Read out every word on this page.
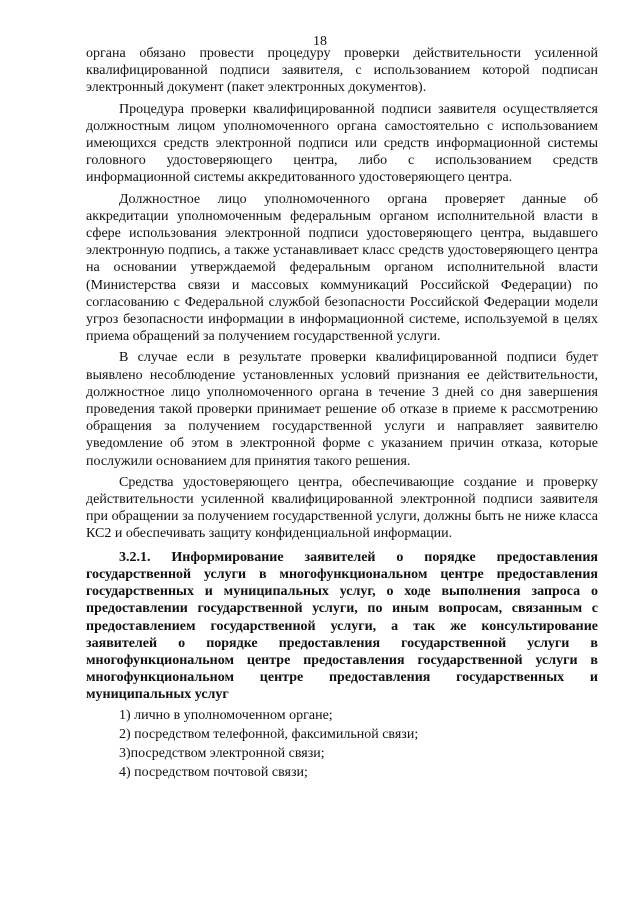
18

органа обязано провести процедуру проверки действительности усиленной квалифицированной подписи заявителя, с использованием которой подписан электронный документ (пакет электронных документов).

Процедура проверки квалифицированной подписи заявителя осуществляется должностным лицом уполномоченного органа самостоятельно с использованием имеющихся средств электронной подписи или средств информационной системы головного удостоверяющего центра, либо с использованием средств информационной системы аккредитованного удостоверяющего центра.

Должностное лицо уполномоченного органа проверяет данные об аккредитации уполномоченным федеральным органом исполнительной власти в сфере использования электронной подписи удостоверяющего центра, выдавшего электронную подпись, а также устанавливает класс средств удостоверяющего центра на основании утверждаемой федеральным органом исполнительной власти (Министерства связи и массовых коммуникаций Российской Федерации) по согласованию с Федеральной службой безопасности Российской Федерации модели угроз безопасности информации в информационной системе, используемой в целях приема обращений за получением государственной услуги.

В случае если в результате проверки квалифицированной подписи будет выявлено несоблюдение установленных условий признания ее действительности, должностное лицо уполномоченного органа в течение 3 дней со дня завершения проведения такой проверки принимает решение об отказе в приеме к рассмотрению обращения за получением государственной услуги и направляет заявителю уведомление об этом в электронной форме с указанием причин отказа, которые послужили основанием для принятия такого решения.

Средства удостоверяющего центра, обеспечивающие создание и проверку действительности усиленной квалифицированной электронной подписи заявителя при обращении за получением государственной услуги, должны быть не ниже класса КС2 и обеспечивать защиту конфиденциальной информации.

3.2.1. Информирование заявителей о порядке предоставления государственной услуги в многофункциональном центре предоставления государственных и муниципальных услуг, о ходе выполнения запроса о предоставлении государственной услуги, по иным вопросам, связанным с предоставлением государственной услуги, а так же консультирование заявителей о порядке предоставления государственной услуги в многофункциональном центре предоставления государственной услуги в многофункциональном центре предоставления государственных и муниципальных услуг

1) лично в уполномоченном органе;
2) посредством телефонной, факсимильной связи;
3)посредством электронной связи;
4) посредством почтовой связи;
